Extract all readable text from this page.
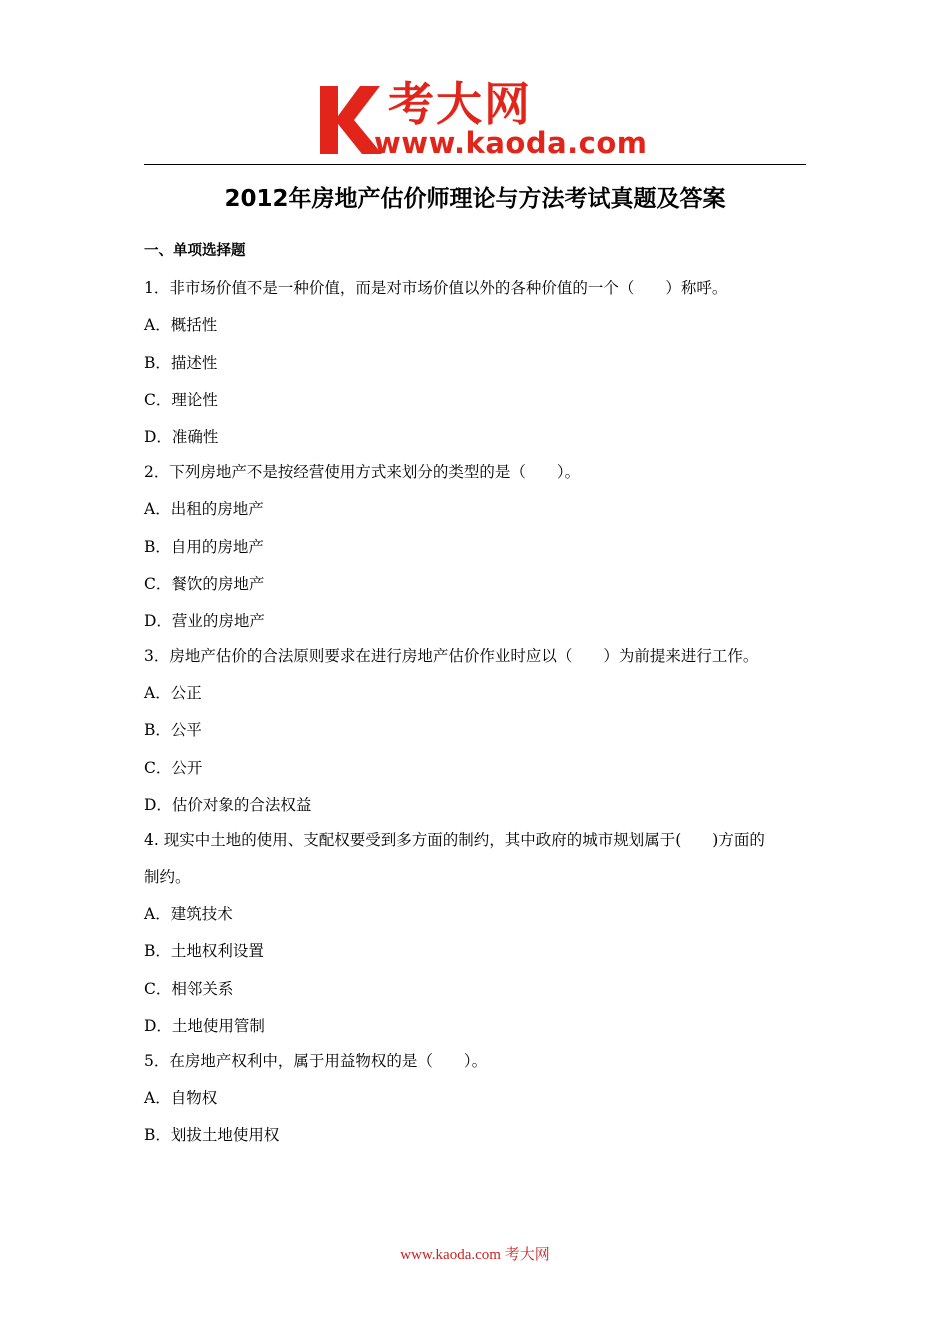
考大网
www.kaoda.com
2012年房地产估价师理论与方法考试真题及答案
一、单项选择题
1．非市场价值不是一种价值，而是对市场价值以外的各种价值的一个（　　）称呼。
A．概括性
B．描述性
C．理论性
D．准确性
2．下列房地产不是按经营使用方式来划分的类型的是（　　）。
A．出租的房地产
B．自用的房地产
C．餐饮的房地产
D．营业的房地产
3．房地产估价的合法原则要求在进行房地产估价作业时应以（　　）为前提来进行工作。
A．公正
B．公平
C．公开
D．估价对象的合法权益
4. 现实中土地的使用、支配权要受到多方面的制约，其中政府的城市规划属于(　　)方面的
制约。
A．建筑技术
B．土地权利设置
C．相邻关系
D．土地使用管制
5．在房地产权利中，属于用益物权的是（　　）。
A．自物权
B．划拔土地使用权
www.kaoda.com 考大网
